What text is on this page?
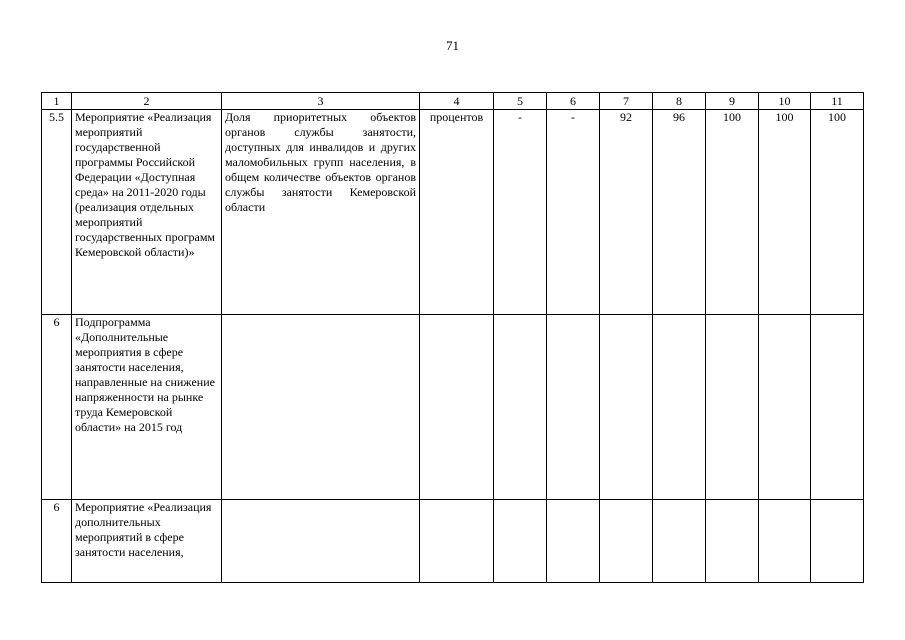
71
1	2	3	4	5	6	7	8	9	10	11
5.5	Мероприятие «Реализация мероприятий государственной программы Российской Федерации «Доступная среда» на 2011-2020 годы (реализация отдельных мероприятий государственных программ Кемеровской области)»	Доля приоритетных объектов органов службы занятости, доступных для инвалидов и других маломобильных групп населения, в общем количестве объектов органов службы занятости Кемеровской области	процентов	-	-	92	96	100	100	100
6	Подпрограмма «Дополнительные мероприятия в сфере занятости населения, направленные на снижение напряженности на рынке труда Кемеровской области» на 2015 год									
6	Мероприятие «Реализация дополнительных мероприятий в сфере занятости населения,									
